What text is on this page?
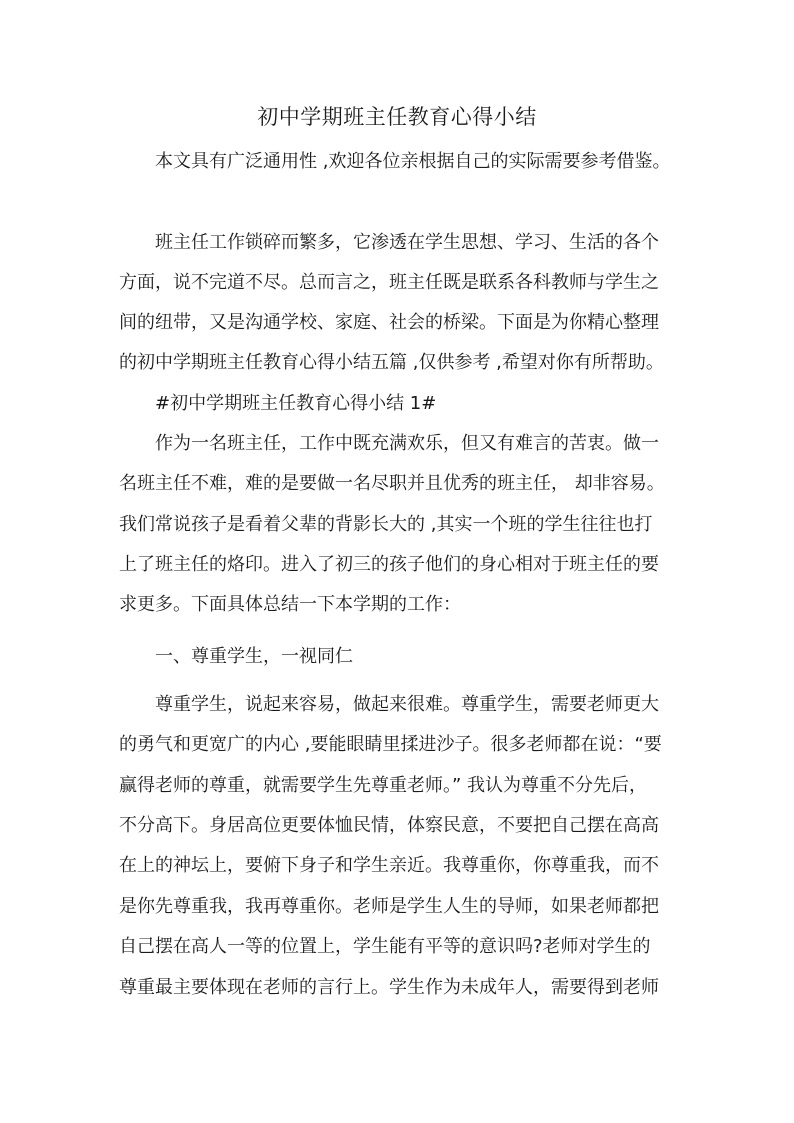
初中学期班主任教育心得小结
本文具有广泛通用性 ,欢迎各位亲根据自己的实际需要参考借鉴。
班主任工作锁碎而繁多，它渗透在学生思想、学习、生活的各个
方面，说不完道不尽。总而言之，班主任既是联系各科教师与学生之
间的纽带，又是沟通学校、家庭、社会的桥梁。下面是为你精心整理
的初中学期班主任教育心得小结五篇 ,仅供参考 ,希望对你有所帮助。
#初中学期班主任教育心得小结 1#
作为一名班主任，工作中既充满欢乐，但又有难言的苦衷。做一
名班主任不难，难的是要做一名尽职并且优秀的班主任， 却非容易。
我们常说孩子是看着父辈的背影长大的 ,其实一个班的学生往往也打
上了班主任的烙印。进入了初三的孩子他们的身心相对于班主任的要
求更多。下面具体总结一下本学期的工作：
一、尊重学生，一视同仁
尊重学生，说起来容易，做起来很难。尊重学生，需要老师更大
的勇气和更宽广的内心 ,要能眼睛里揉进沙子。很多老师都在说：“要
赢得老师的尊重，就需要学生先尊重老师。” 我认为尊重不分先后，
不分高下。身居高位更要体恤民情，体察民意，不要把自己摆在高高
在上的神坛上，要俯下身子和学生亲近。我尊重你，你尊重我，而不
是你先尊重我，我再尊重你。老师是学生人生的导师，如果老师都把
自己摆在高人一等的位置上，学生能有平等的意识吗?老师对学生的
尊重最主要体现在老师的言行上。学生作为未成年人，需要得到老师
